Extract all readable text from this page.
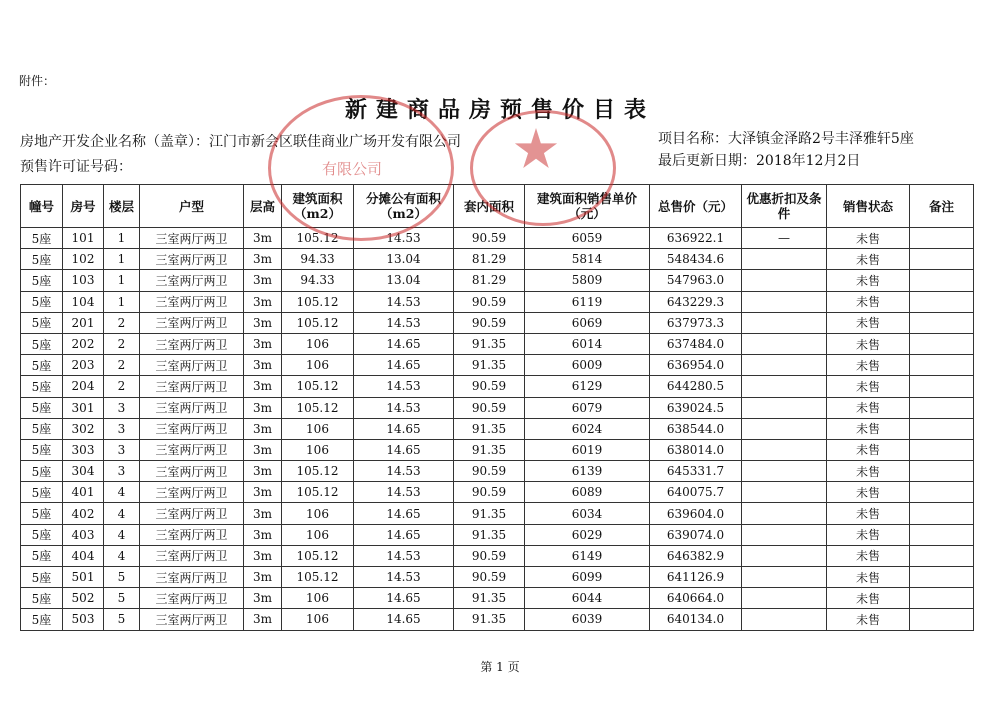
附件：
新建商品房预售价目表
房地产开发企业名称（盖章）：江门市新会区联佳商业广场开发有限公司
预售许可证号码：
项目名称：大泽镇金泽路2号丰泽雅轩5座
最后更新日期：2018年12月2日
幢号	房号	楼层	户型	层高	建筑面积（m2）	分摊公有面积（m2）	套内面积	建筑面积销售单价（元）	总售价（元）	优惠折扣及条件	销售状态	备注
5座	101	1	三室两厅两卫	3m	105.12	14.53	90.59	6059	636922.1	—	未售	
5座	102	1	三室两厅两卫	3m	94.33	13.04	81.29	5814	548434.6		未售	
5座	103	1	三室两厅两卫	3m	94.33	13.04	81.29	5809	547963.0		未售	
5座	104	1	三室两厅两卫	3m	105.12	14.53	90.59	6119	643229.3		未售	
5座	201	2	三室两厅两卫	3m	105.12	14.53	90.59	6069	637973.3		未售	
5座	202	2	三室两厅两卫	3m	106	14.65	91.35	6014	637484.0		未售	
5座	203	2	三室两厅两卫	3m	106	14.65	91.35	6009	636954.0		未售	
5座	204	2	三室两厅两卫	3m	105.12	14.53	90.59	6129	644280.5		未售	
5座	301	3	三室两厅两卫	3m	105.12	14.53	90.59	6079	639024.5		未售	
5座	302	3	三室两厅两卫	3m	106	14.65	91.35	6024	638544.0		未售	
5座	303	3	三室两厅两卫	3m	106	14.65	91.35	6019	638014.0		未售	
5座	304	3	三室两厅两卫	3m	105.12	14.53	90.59	6139	645331.7		未售	
5座	401	4	三室两厅两卫	3m	105.12	14.53	90.59	6089	640075.7		未售	
5座	402	4	三室两厅两卫	3m	106	14.65	91.35	6034	639604.0		未售	
5座	403	4	三室两厅两卫	3m	106	14.65	91.35	6029	639074.0		未售	
5座	404	4	三室两厅两卫	3m	105.12	14.53	90.59	6149	646382.9		未售	
5座	501	5	三室两厅两卫	3m	105.12	14.53	90.59	6099	641126.9		未售	
5座	502	5	三室两厅两卫	3m	106	14.65	91.35	6044	640664.0		未售	
5座	503	5	三室两厅两卫	3m	106	14.65	91.35	6039	640134.0		未售	
有限公司
第 1 页
